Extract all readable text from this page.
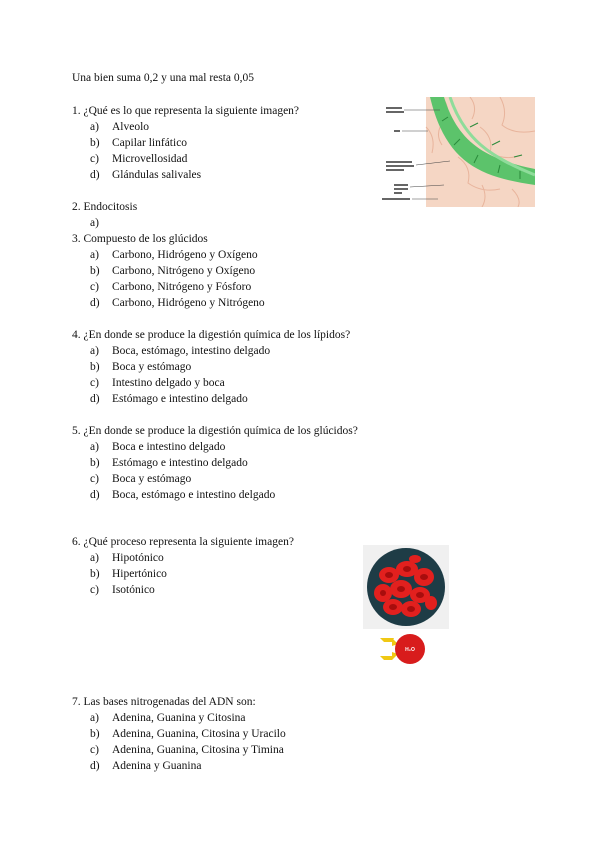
Una bien suma 0,2 y una mal resta 0,05
1. ¿Qué es lo que representa la siguiente imagen?
a) Alveolo
b) Capilar linfático
c) Microvellosidad
d) Glándulas salivales
2. Endocitosis
a)
3. Compuesto de los glúcidos
a) Carbono, Hidrógeno y Oxígeno
b) Carbono, Nitrógeno y Oxígeno
c) Carbono, Nitrógeno y Fósforo
d) Carbono, Hidrógeno y Nitrógeno
4. ¿En donde se produce la digestión química de los lípidos?
a) Boca, estómago, intestino delgado
b) Boca y estómago
c) Intestino delgado y boca
d) Estómago e intestino delgado
5. ¿En donde se produce la digestión química de los glúcidos?
a) Boca e intestino delgado
b) Estómago e intestino delgado
c) Boca y estómago
d) Boca, estómago e intestino delgado
6. ¿Qué proceso representa la siguiente imagen?
a) Hipotónico
b) Hipertónico
c) Isotónico
7. Las bases nitrogenadas del ADN son:
a) Adenina, Guanina y Citosina
b) Adenina, Guanina, Citosina y Uracilo
c) Adenina, Guanina, Citosina y Timina
d) Adenina y Guanina
H₂O
